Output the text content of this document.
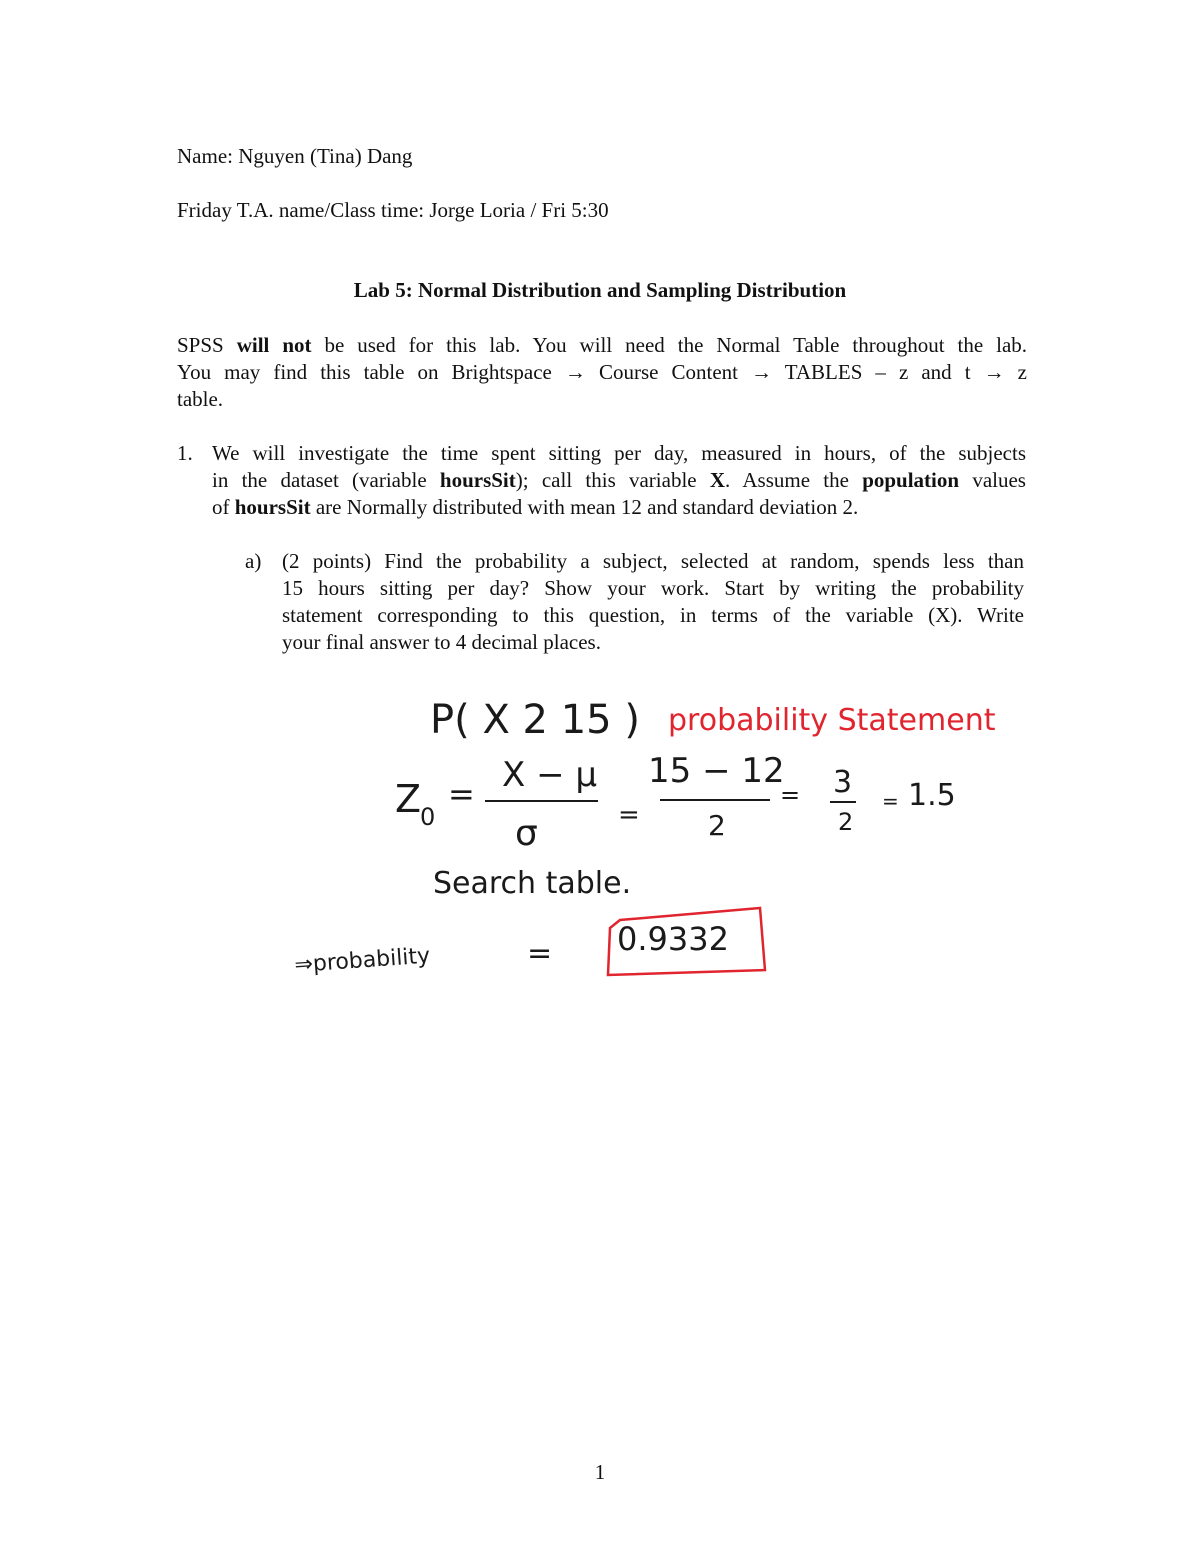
Name: Nguyen (Tina) Dang
Friday T.A. name/Class time: Jorge Loria / Fri 5:30
Lab 5: Normal Distribution and Sampling Distribution
SPSS will not be used for this lab. You will need the Normal Table throughout the lab.
You may find this table on Brightspace → Course Content → TABLES – z and t → z
table.
1. We will investigate the time spent sitting per day, measured in hours, of the subjects
in the dataset (variable hoursSit); call this variable X. Assume the population values
of hoursSit are Normally distributed with mean 12 and standard deviation 2.
a) (2 points) Find the probability a subject, selected at random, spends less than
15 hours sitting per day? Show your work. Start by writing the probability
statement corresponding to this question, in terms of the variable (X). Write
your final answer to 4 decimal places.
P( X 2 15 ) probability Statement
Z
0
= X − μ
σ	=
15 − 12
2
= 3
2
= 1.5
Search table.
⇒probability	= 0.9332
1
